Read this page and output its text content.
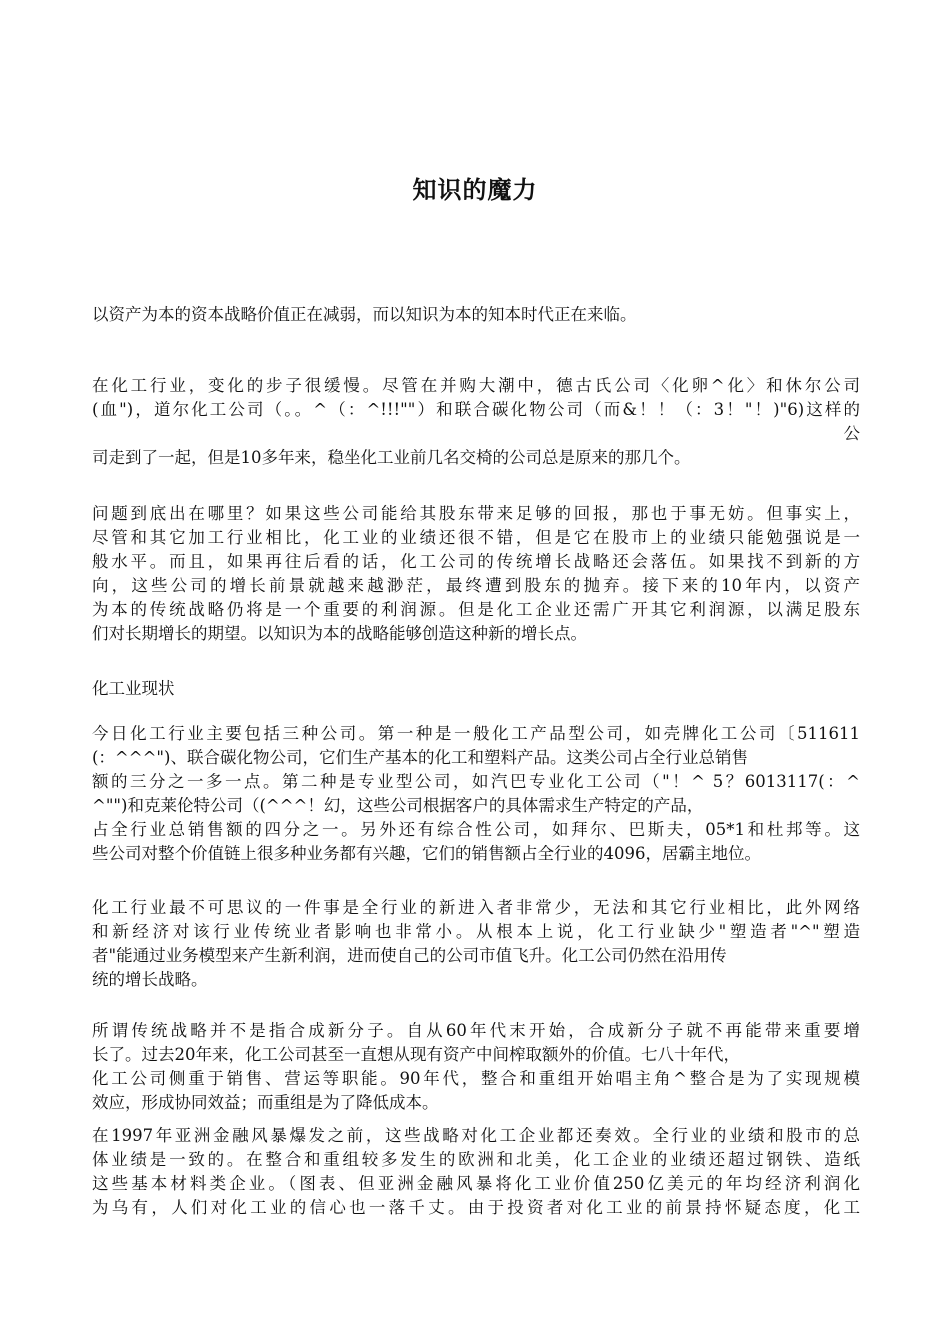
知识的魔力

以资产为本的资本战略价值正在减弱，而以知识为本的知本时代正在来临。

在化工行业，变化的步子很缓慢。尽管在并购大潮中，德古氏公司〈化卵^化〉和休尔公司
(血")，道尔化工公司（。。^（：^!!!""）和联合碳化物公司（而&！！（：3！"！)"6)这样的
公
司走到了一起，但是10多年来，稳坐化工业前几名交椅的公司总是原来的那几个。

问题到底出在哪里？如果这些公司能给其股东带来足够的回报，那也于事无妨。但事实上，
尽管和其它加工行业相比，化工业的业绩还很不错，但是它在股市上的业绩只能勉强说是一
般水平。而且，如果再往后看的话，化工公司的传统增长战略还会落伍。如果找不到新的方
向，这些公司的增长前景就越来越渺茫，最终遭到股东的抛弃。接下来的10年内，以资产
为本的传统战略仍将是一个重要的利润源。但是化工企业还需广开其它利润源，以满足股东
们对长期增长的期望。以知识为本的战略能够创造这种新的增长点。

化工业现状

今日化工行业主要包括三种公司。第一种是一般化工产品型公司，如壳牌化工公司〔511611
(：^^^")、联合碳化物公司，它们生产基本的化工和塑料产品。这类公司占全行业总销售
额的三分之一多一点。第二种是专业型公司，如汽巴专业化工公司（"！^ 5？6013117(：^
^"")和克莱伦特公司（(^^^！幻，这些公司根据客户的具体需求生产特定的产品，
占全行业总销售额的四分之一。另外还有综合性公司，如拜尔、巴斯夫，05*1和杜邦等。这
些公司对整个价值链上很多种业务都有兴趣，它们的销售额占全行业的4096，居霸主地位。

化工行业最不可思议的一件事是全行业的新进入者非常少，无法和其它行业相比，此外网络
和新经济对该行业传统业者影响也非常小。从根本上说，化工行业缺少"塑造者"^"塑造
者"能通过业务模型来产生新利润，进而使自己的公司市值飞升。化工公司仍然在沿用传
统的增长战略。

所谓传统战略并不是指合成新分子。自从60年代末开始，合成新分子就不再能带来重要增
长了。过去20年来，化工公司甚至一直想从现有资产中间榨取额外的价值。七八十年代，
化工公司侧重于销售、营运等职能。90年代，整合和重组开始唱主角^整合是为了实现规模
效应，形成协同效益；而重组是为了降低成本。

在1997年亚洲金融风暴爆发之前，这些战略对化工企业都还奏效。全行业的业绩和股市的总
体业绩是一致的。在整合和重组较多发生的欧洲和北美，化工企业的业绩还超过钢铁、造纸
这些基本材料类企业。（图表、但亚洲金融风暴将化工业价值250亿美元的年均经济利润化
为乌有，人们对化工业的信心也一落千丈。由于投资者对化工业的前景持怀疑态度，化工
